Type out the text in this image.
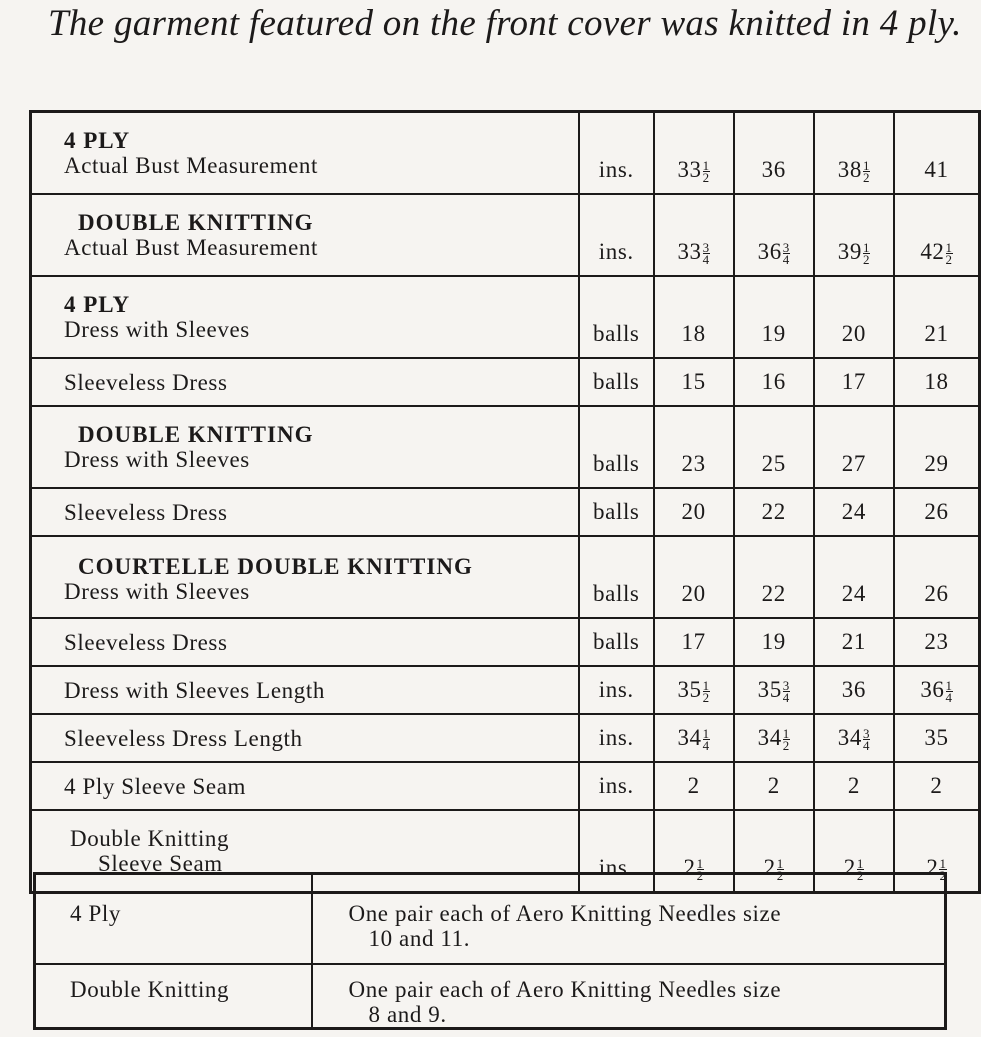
The garment featured on the front cover was knitted in 4 ply.
4 PLY
Actual Bust Measurement	ins.	$33 \frac{1}{2}$	36	$38 \frac{1}{2}$	41

DOUBLE KNITTING
Actual Bust Measurement	ins.	$33 \frac{3}{4}$	$36 \frac{3}{4}$	$39 \frac{1}{2}$	$42 \frac{1}{2}$

4 PLY
Dress with Sleeves	balls	18	19	20	21
Sleeveless Dress	balls	15	16	17	18

DOUBLE KNITTING
Dress with Sleeves	balls	23	25	27	29
Sleeveless Dress	balls	20	22	24	26

COURTELLE DOUBLE KNITTING
Dress with Sleeves	balls	20	22	24	26
Sleeveless Dress	balls	17	19	21	23
Dress with Sleeves Length	ins.	$35 \frac{1}{2}$	$35 \frac{3}{4}$	36	$36 \frac{1}{4}$

Sleeveless Dress Length	ins.	$34 \frac{1}{4}$	$34 \frac{1}{2}$	$34 \frac{3}{4}$	35
4 Ply Sleeve Seam	ins.	2	2	2	2

Double Knitting
Sleeve Seam	ins.	$2 \frac{1}{2}$	$2 \frac{1}{2}$	$2 \frac{1}{2}$	$2 \frac{1}{2}$
4 Ply	One pair each of Aero Knitting Needles size
10 and 11.

Double Knitting	One pair each of Aero Knitting Needles size
8 and 9.
